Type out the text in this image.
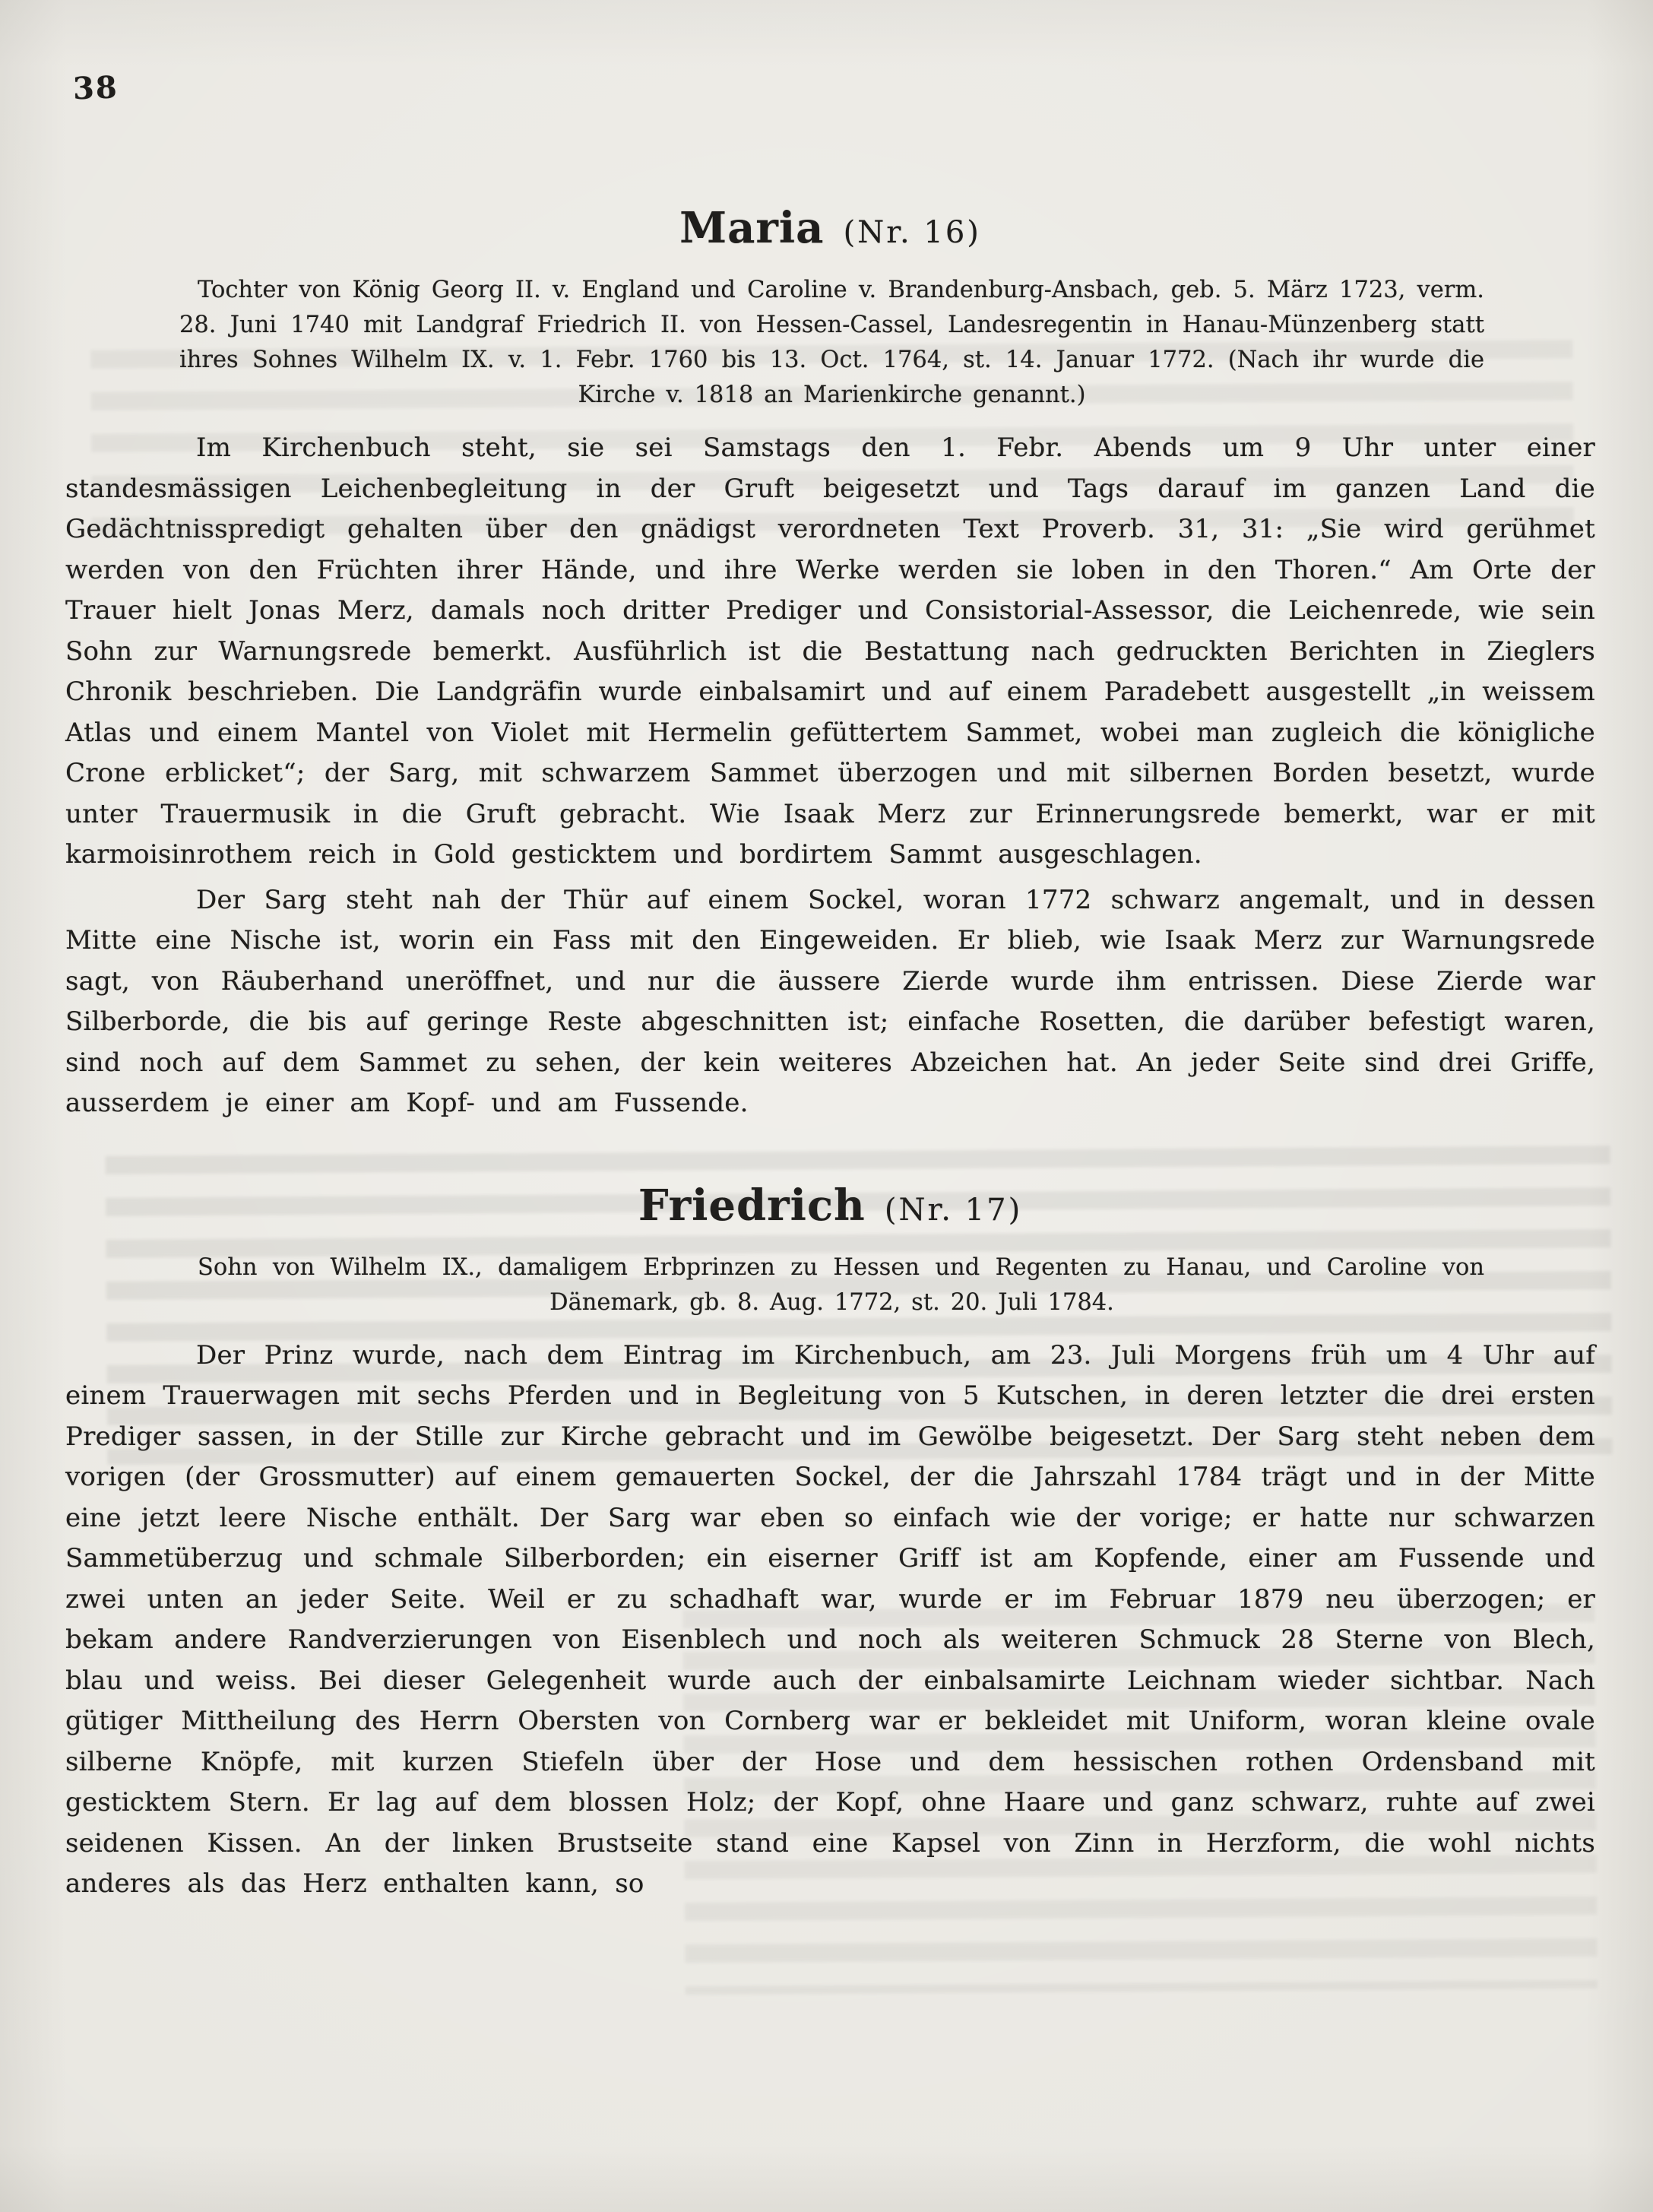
38
Maria (Nr. 16)

Tochter von König Georg II. v. England und Caroline v. Brandenburg-Ansbach, geb. 5. März 1723, verm. 28. Juni 1740 mit Landgraf Friedrich II. von Hessen-Cassel, Landesregentin in Hanau-Münzenberg statt ihres Sohnes Wilhelm IX. v. 1. Febr. 1760 bis 13. Oct. 1764, st. 14. Januar 1772. (Nach ihr wurde die Kirche v. 1818 an Marienkirche genannt.)

Im Kirchenbuch steht, sie sei Samstags den 1. Febr. Abends um 9 Uhr unter einer standesmässigen Leichenbegleitung in der Gruft beigesetzt und Tags darauf im ganzen Land die Gedächtnisspredigt gehalten über den gnädigst verordneten Text Proverb. 31, 31: „Sie wird gerühmet werden von den Früchten ihrer Hände, und ihre Werke werden sie loben in den Thoren.“ Am Orte der Trauer hielt Jonas Merz, damals noch dritter Prediger und Consistorial-Assessor, die Leichenrede, wie sein Sohn zur Warnungsrede bemerkt. Ausführlich ist die Bestattung nach gedruckten Berichten in Zieglers Chronik beschrieben. Die Landgräfin wurde einbalsamirt und auf einem Paradebett ausgestellt „in weissem Atlas und einem Mantel von Violet mit Hermelin gefüttertem Sammet, wobei man zugleich die königliche Crone erblicket“; der Sarg, mit schwarzem Sammet überzogen und mit silbernen Borden besetzt, wurde unter Trauermusik in die Gruft gebracht. Wie Isaak Merz zur Erinnerungsrede bemerkt, war er mit karmoisinrothem reich in Gold gesticktem und bordirtem Sammt ausgeschlagen.

Der Sarg steht nah der Thür auf einem Sockel, woran 1772 schwarz angemalt, und in dessen Mitte eine Nische ist, worin ein Fass mit den Eingeweiden. Er blieb, wie Isaak Merz zur Warnungsrede sagt, von Räuberhand uneröffnet, und nur die äussere Zierde wurde ihm entrissen. Diese Zierde war Silberborde, die bis auf geringe Reste abgeschnitten ist; einfache Rosetten, die darüber befestigt waren, sind noch auf dem Sammet zu sehen, der kein weiteres Abzeichen hat. An jeder Seite sind drei Griffe, ausserdem je einer am Kopf- und am Fussende.

Friedrich (Nr. 17)

Sohn von Wilhelm IX., damaligem Erbprinzen zu Hessen und Regenten zu Hanau, und Caroline von Dänemark, gb. 8. Aug. 1772, st. 20. Juli 1784.

Der Prinz wurde, nach dem Eintrag im Kirchenbuch, am 23. Juli Morgens früh um 4 Uhr auf einem Trauerwagen mit sechs Pferden und in Begleitung von 5 Kutschen, in deren letzter die drei ersten Prediger sassen, in der Stille zur Kirche gebracht und im Gewölbe beigesetzt. Der Sarg steht neben dem vorigen (der Grossmutter) auf einem gemauerten Sockel, der die Jahrszahl 1784 trägt und in der Mitte eine jetzt leere Nische enthält. Der Sarg war eben so einfach wie der vorige; er hatte nur schwarzen Sammetüberzug und schmale Silberborden; ein eiserner Griff ist am Kopfende, einer am Fussende und zwei unten an jeder Seite. Weil er zu schadhaft war, wurde er im Februar 1879 neu überzogen; er bekam andere Randverzierungen von Eisenblech und noch als weiteren Schmuck 28 Sterne von Blech, blau und weiss. Bei dieser Gelegenheit wurde auch der einbalsamirte Leichnam wieder sichtbar. Nach gütiger Mittheilung des Herrn Obersten von Cornberg war er bekleidet mit Uniform, woran kleine ovale silberne Knöpfe, mit kurzen Stiefeln über der Hose und dem hessischen rothen Ordensband mit gesticktem Stern. Er lag auf dem blossen Holz; der Kopf, ohne Haare und ganz schwarz, ruhte auf zwei seidenen Kissen. An der linken Brustseite stand eine Kapsel von Zinn in Herzform, die wohl nichts anderes als das Herz enthalten kann, so
